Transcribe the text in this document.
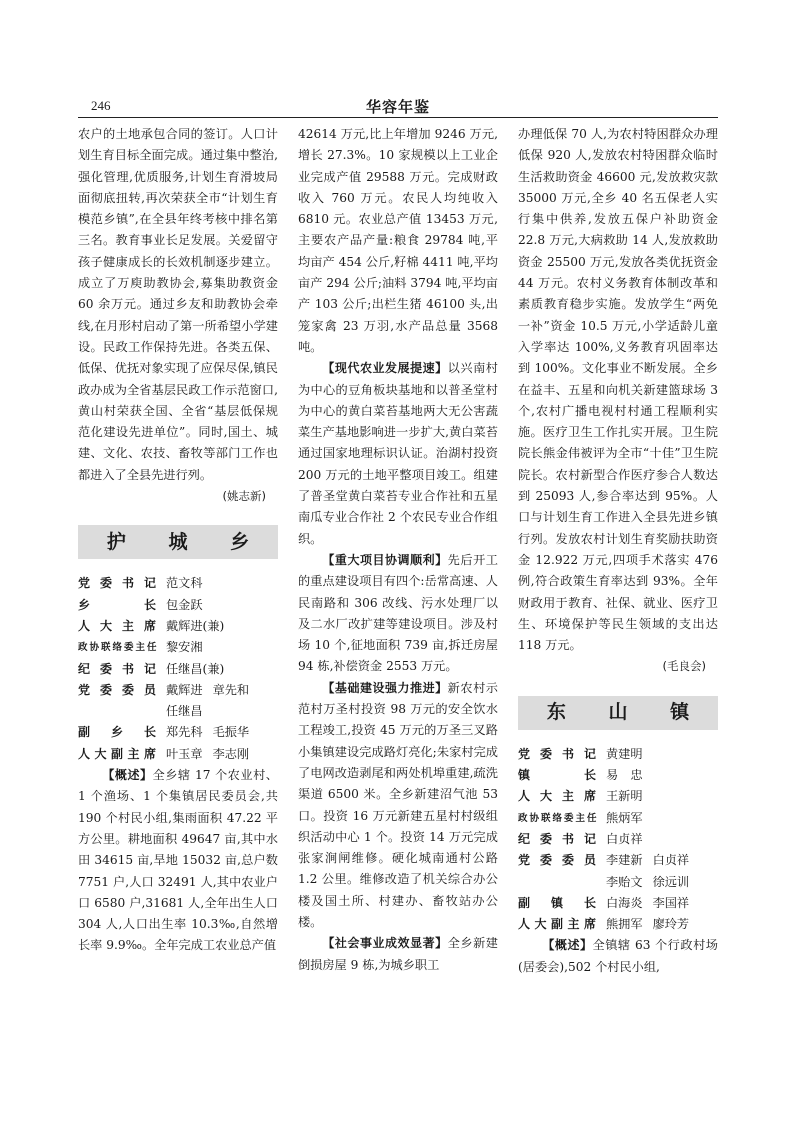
246	华容年鉴

农户的土地承包合同的签订。人口计划生育目标全面完成。通过集中整治,强化管理,优质服务,计划生育滑坡局面彻底扭转,再次荣获全市“计划生育模范乡镇”,在全县年终考核中排名第三名。教育事业长足发展。关爱留守孩子健康成长的长效机制逐步建立。成立了万庾助教协会,募集助教资金 60 余万元。通过乡友和助教协会牵线,在月形村启动了第一所希望小学建设。民政工作保持先进。各类五保、低保、优抚对象实现了应保尽保,镇民政办成为全省基层民政工作示范窗口,黄山村荣获全国、全省“基层低保规范化建设先进单位”。同时,国土、城建、文化、农技、畜牧等部门工作也都进入了全县先进行列。

(姚志新)
护 城 乡
党委书记 范文科
乡　　长 包金跃
人大主席 戴辉进(兼)
政协联络委主任 黎安湘
纪委书记 任继昌(兼)
党委委员 戴辉进 章先和
任继昌
副 乡 长 郑先科 毛振华
人大副主席 叶玉章 李志刚

【概述】全乡辖 17 个农业村、1 个渔场、1 个集镇居民委员会,共 190 个村民小组,集雨面积 47.22 平方公里。耕地面积 49647 亩,其中水田 34615 亩,旱地 15032 亩,总户数 7751 户,人口 32491 人,其中农业户口 6580 户,31681 人,全年出生人口 304 人,人口出生率 10.3‰,自然增长率 9.9‰。全年完成工农业总产值

42614 万元,比上年增加 9246 万元,增长 27.3%。10 家规模以上工业企业完成产值 29588 万元。完成财政收入 760 万元。农民人均纯收入 6810 元。农业总产值 13453 万元,主要农产品产量:粮食 29784 吨,平均亩产 454 公斤,籽棉 4411 吨,平均亩产 294 公斤;油料 3794 吨,平均亩产 103 公斤;出栏生猪 46100 头,出笼家禽 23 万羽,水产品总量 3568 吨。

【现代农业发展提速】以兴南村为中心的豆角板块基地和以普圣堂村为中心的黄白菜苔基地两大无公害蔬菜生产基地影响进一步扩大,黄白菜苔通过国家地理标识认证。治湖村投资 200 万元的土地平整项目竣工。组建了普圣堂黄白菜苔专业合作社和五星南瓜专业合作社 2 个农民专业合作组织。

【重大项目协调顺利】先后开工的重点建设项目有四个:岳常高速、人民南路和 306 改线、污水处理厂以及二水厂改扩建等建设项目。涉及村场 10 个,征地面积 739 亩,拆迁房屋 94 栋,补偿资金 2553 万元。

【基础建设强力推进】新农村示范村万圣村投资 98 万元的安全饮水工程竣工,投资 45 万元的万圣三叉路小集镇建设完成路灯亮化;朱家村完成了电网改造剥尾和两处机埠重建,疏洗渠道 6500 米。全乡新建沼气池 53 口。投资 16 万元新建五星村村级组织活动中心 1 个。投资 14 万元完成张家涧闸维修。硬化城南通村公路 1.2 公里。维修改造了机关综合办公楼及国土所、村建办、畜牧站办公楼。

【社会事业成效显著】全乡新建倒损房屋 9 栋,为城乡职工

办理低保 70 人,为农村特困群众办理低保 920 人,发放农村特困群众临时生活救助资金 46600 元,发放救灾款 35000 万元,全乡 40 名五保老人实行集中供养,发放五保户补助资金 22.8 万元,大病救助 14 人,发放救助资金 25500 万元,发放各类优抚资金 44 万元。农村义务教育体制改革和素质教育稳步实施。发放学生“两免一补”资金 10.5 万元,小学适龄儿童入学率达 100%,义务教育巩固率达到 100%。文化事业不断发展。全乡在益丰、五星和向机关新建篮球场 3 个,农村广播电视村村通工程顺利实施。医疗卫生工作扎实开展。卫生院院长熊金伟被评为全市“十佳”卫生院院长。农村新型合作医疗参合人数达到 25093 人,参合率达到 95%。人口与计划生育工作进入全县先进乡镇行列。发放农村计划生育奖励扶助资金 12.922 万元,四项手术落实 476 例,符合政策生育率达到 93%。全年财政用于教育、社保、就业、医疗卫生、环境保护等民生领域的支出达 118 万元。

(毛良会)
东 山 镇
党委书记 黄建明
镇　　长 易　忠
人大主席 王新明
政协联络委主任 熊炳军
纪委书记 白贞祥
党委委员 李建新 白贞祥
李贻文 徐远训
副 镇 长 白海炎 李国祥
人大副主席 熊拥军 廖玲芳

【概述】全镇辖 63 个行政村场(居委会),502 个村民小组,
